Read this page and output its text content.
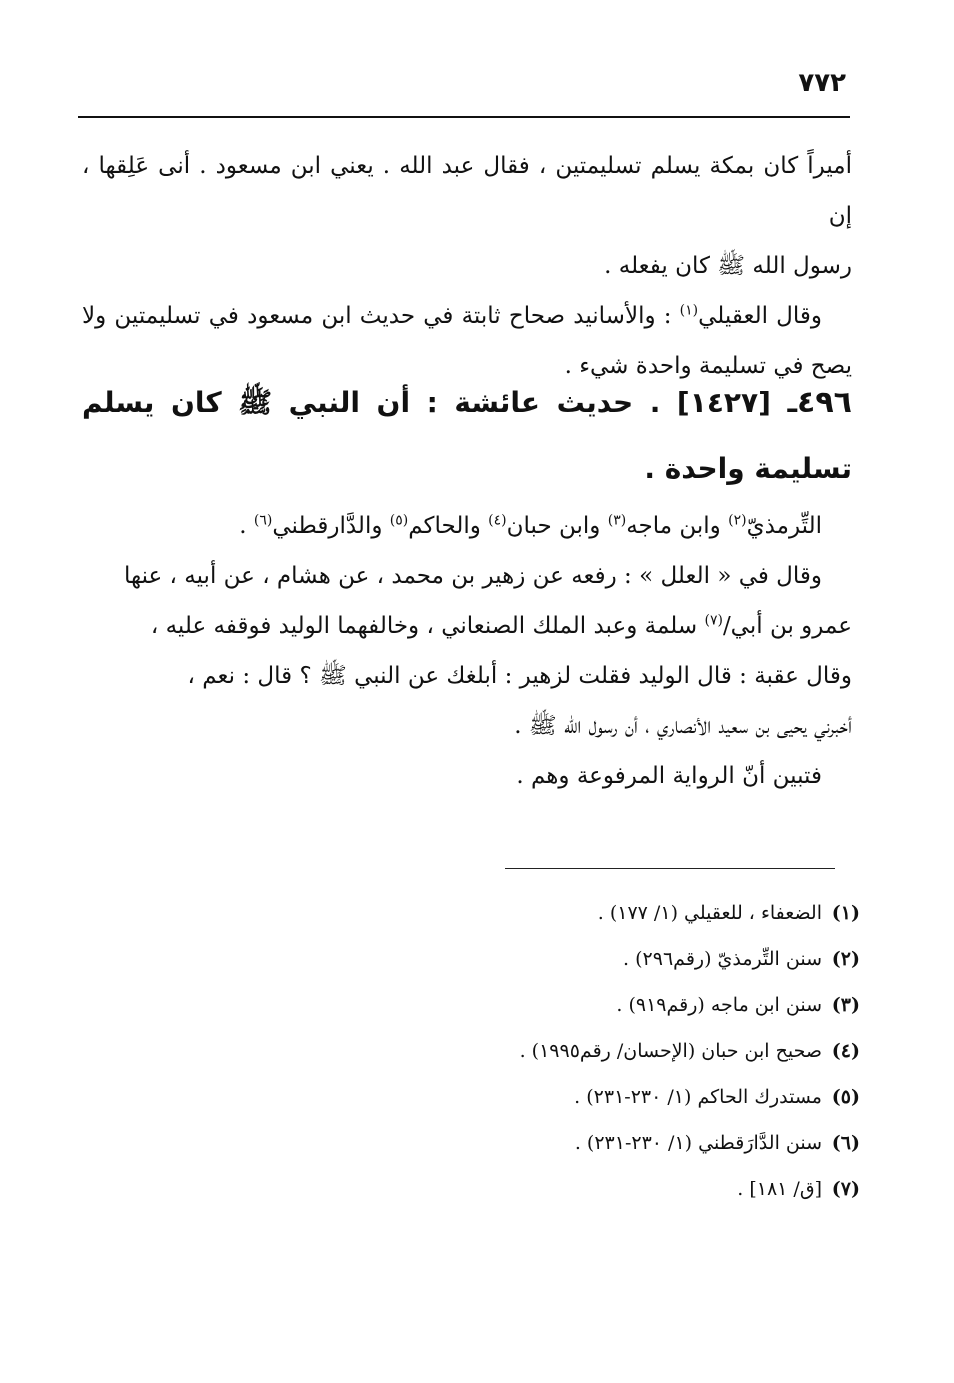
٧٧٢

أميراً كان بمكة يسلم تسليمتين ، فقال عبد الله . يعني ابن مسعود . أنى عَلِقها ، إن
رسول الله ﷺ كان يفعله .

وقال العقيلي$^{(١)}$ : والأسانيد صحاح ثابتة في حديث ابن مسعود في تسليمتين ولا يصح في تسليمة واحدة شيء .

٤٩٦ـ [١٤٢٧] . حديث عائشة : أن النبي ﷺ كان يسلم تسليمة واحدة .

التِّرمذيّ$^{(٢)}$ وابن ماجه$^{(٣)}$ وابن حبان$^{(٤)}$ والحاكم$^{(٥)}$ والدَّارقطني$^{(٦)}$ .

وقال في « العلل » : رفعه عن زهير بن محمد ، عن هشام ، عن أبيه ، عنها
عمرو بن أبي/$^{(٧)}$ سلمة وعبد الملك الصنعاني ، وخالفهما الوليد فوقفه عليه ،
وقال عقبة : قال الوليد فقلت لزهير : أبلغك عن النبي ﷺ ؟ قال : نعم ،
أخبرني يحيى بن سعيد الأنصاري ، أن رسول الله ﷺ .

فتبين أنّ الرواية المرفوعة وهم .

(١)الضعفاء ، للعقيلي (١/ ١٧٧) .
(٢)سنن التِّرمذيّ (رقم٢٩٦) .
(٣)سنن ابن ماجه (رقم٩١٩) .
(٤)صحيح ابن حبان (الإحسان/ رقم١٩٩٥) .
(٥)مستدرك الحاكم (١/ ٢٣٠-٢٣١) .
(٦)سنن الدَّارَقطني (١/ ٢٣٠-٢٣١) .
(٧)[ق/ ١٨١] .
